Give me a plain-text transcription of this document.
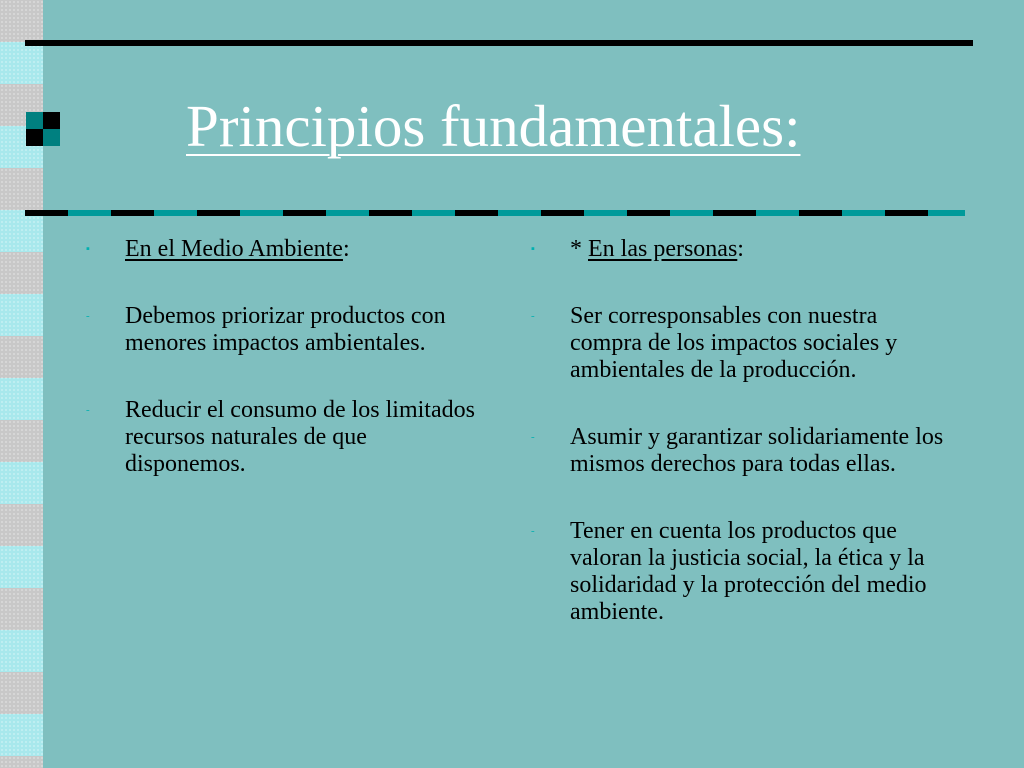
Principios fundamentales:
▪ En el Medio Ambiente:
- Debemos priorizar productos con menores impactos ambientales.
- Reducir el consumo de los limitados recursos naturales de que disponemos.
▪ * En las personas:
- Ser corresponsables con nuestra compra de los impactos sociales y ambientales de la producción.
- Asumir y garantizar solidariamente los mismos derechos para todas ellas.
- Tener en cuenta los productos que valoran la justicia social, la ética y la solidaridad y la protección del medio ambiente.
